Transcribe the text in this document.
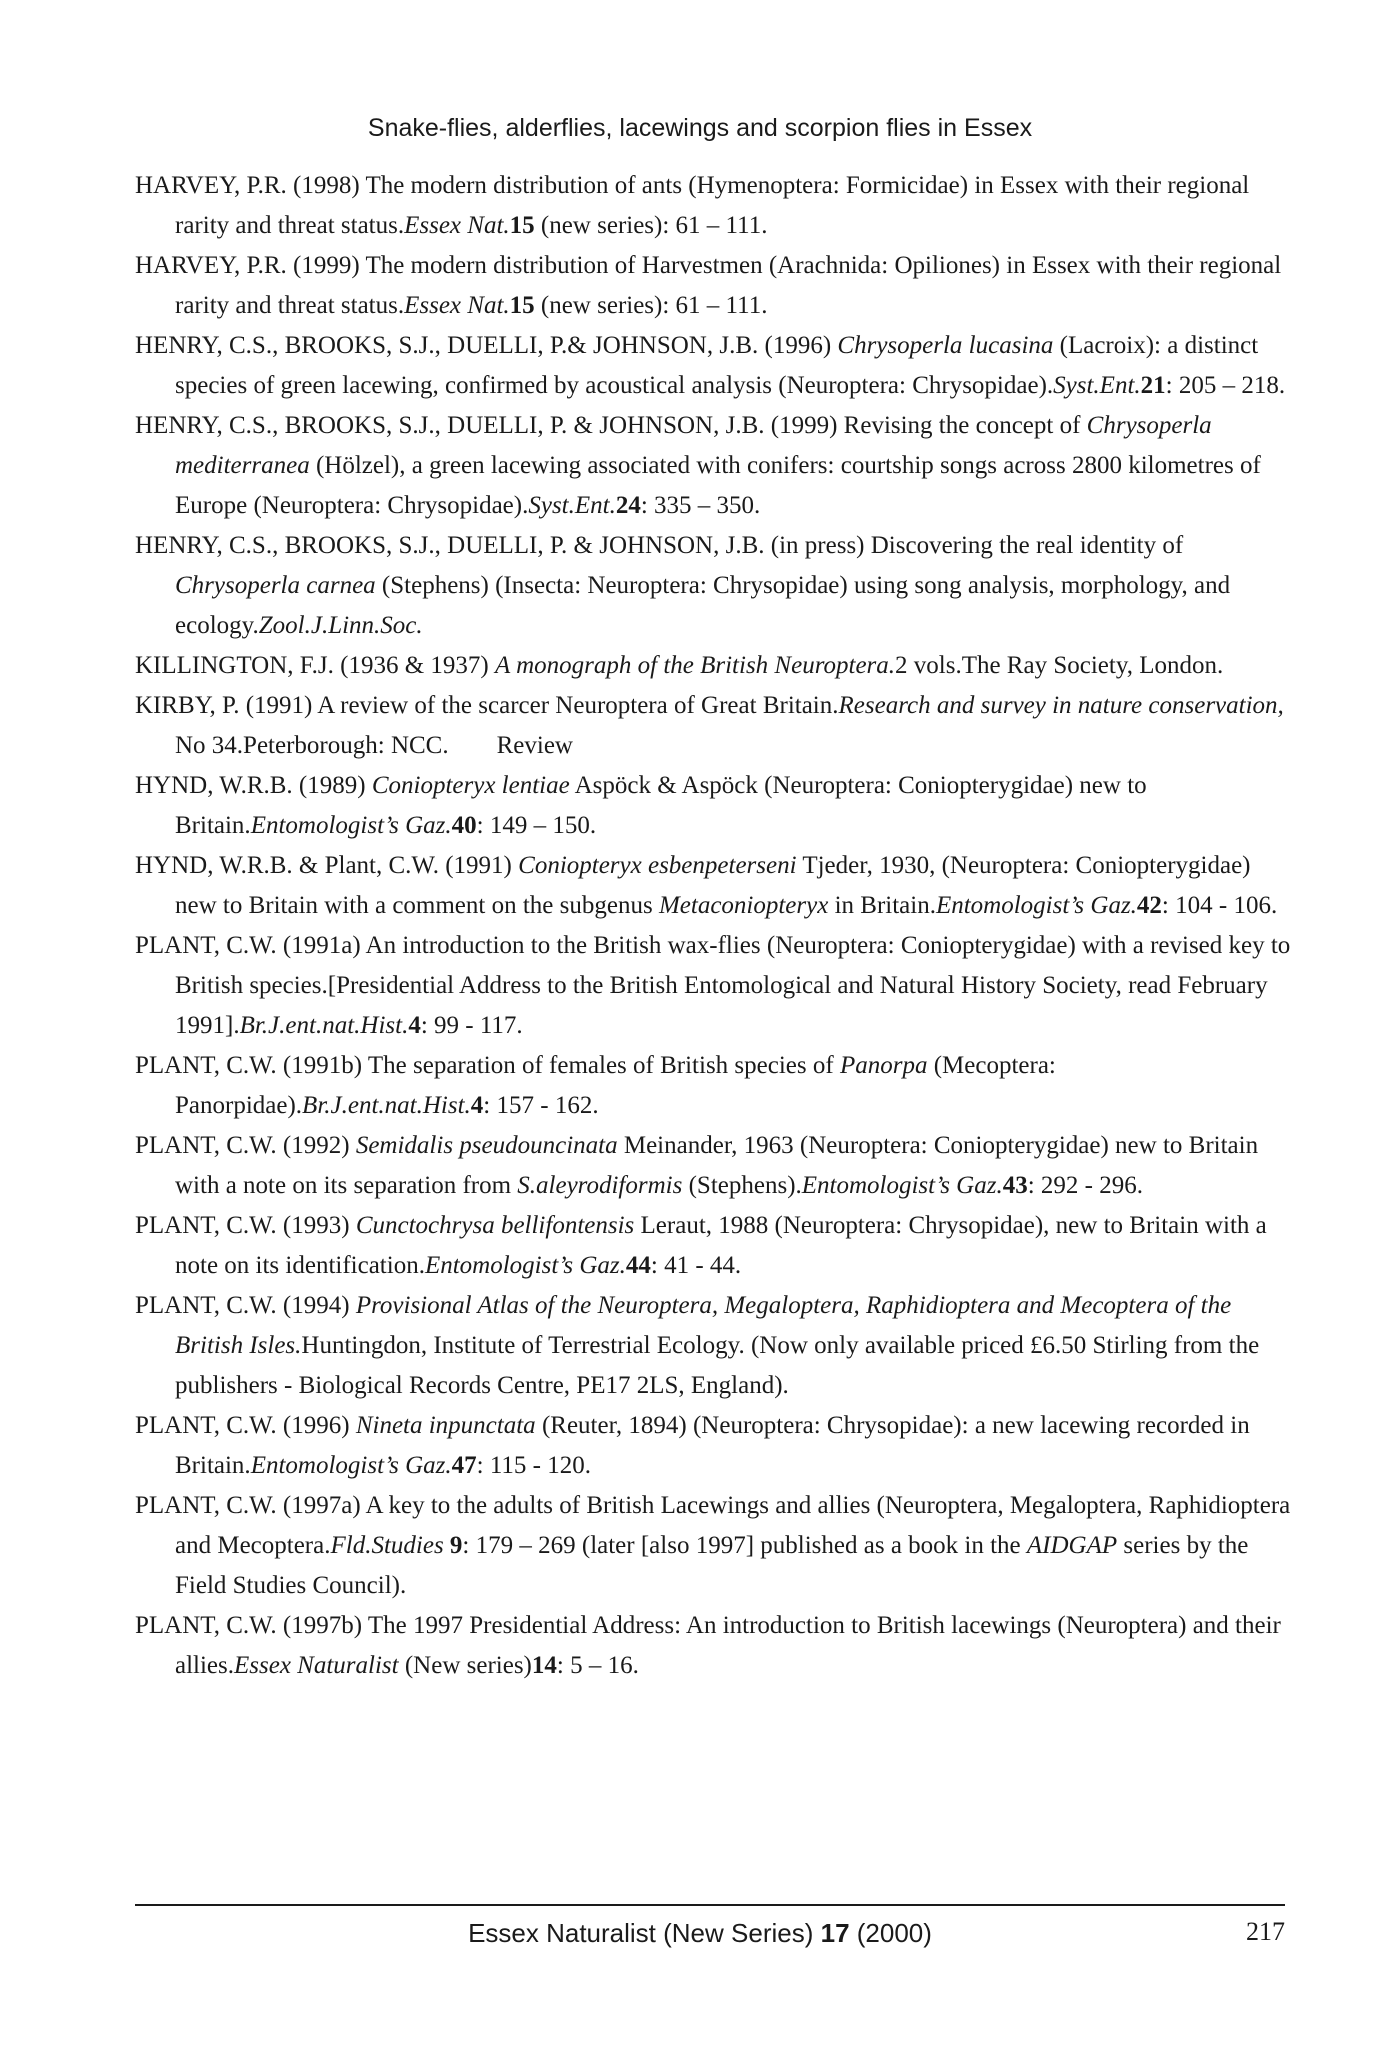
Snake-flies, alderflies, lacewings and scorpion flies in Essex

HARVEY, P.R. (1998) The modern distribution of ants (Hymenoptera: Formicidae) in Essex with their regional rarity and threat status.Essex Nat.15 (new series): 61 – 111.

HARVEY, P.R. (1999) The modern distribution of Harvestmen (Arachnida: Opiliones) in Essex with their regional rarity and threat status.Essex Nat.15 (new series): 61 – 111.

HENRY, C.S., BROOKS, S.J., DUELLI, P.& JOHNSON, J.B. (1996) Chrysoperla lucasina (Lacroix): a distinct species of green lacewing, confirmed by acoustical analysis (Neuroptera: Chrysopidae).Syst.Ent.21: 205 – 218.

HENRY, C.S., BROOKS, S.J., DUELLI, P. & JOHNSON, J.B. (1999) Revising the concept of Chrysoperla mediterranea (Hölzel), a green lacewing associated with conifers: courtship songs across 2800 kilometres of Europe (Neuroptera: Chrysopidae).Syst.Ent.24: 335 – 350.

HENRY, C.S., BROOKS, S.J., DUELLI, P. & JOHNSON, J.B. (in press) Discovering the real identity of Chrysoperla carnea (Stephens) (Insecta: Neuroptera: Chrysopidae) using song analysis, morphology, and ecology.Zool.J.Linn.Soc.

KILLINGTON, F.J. (1936 & 1937) A monograph of the British Neuroptera.2 vols.The Ray Society, London.

KIRBY, P. (1991) A review of the scarcer Neuroptera of Great Britain.Research and survey in nature conservation, No 34.Peterborough: NCC. Review

HYND, W.R.B. (1989) Coniopteryx lentiae Aspöck & Aspöck (Neuroptera: Coniopterygidae) new to Britain.Entomologist’s Gaz.40: 149 – 150.

HYND, W.R.B. & Plant, C.W. (1991) Coniopteryx esbenpeterseni Tjeder, 1930, (Neuroptera: Coniopterygidae) new to Britain with a comment on the subgenus Metaconiopteryx in Britain.Entomologist’s Gaz.42: 104 - 106.

PLANT, C.W. (1991a) An introduction to the British wax-flies (Neuroptera: Coniopterygidae) with a revised key to British species.[Presidential Address to the British Entomological and Natural History Society, read February 1991].Br.J.ent.nat.Hist.4: 99 - 117.

PLANT, C.W. (1991b) The separation of females of British species of Panorpa (Mecoptera: Panorpidae).Br.J.ent.nat.Hist.4: 157 - 162.

PLANT, C.W. (1992) Semidalis pseudouncinata Meinander, 1963 (Neuroptera: Coniopterygidae) new to Britain with a note on its separation from S.aleyrodiformis (Stephens).Entomologist’s Gaz.43: 292 - 296.

PLANT, C.W. (1993) Cunctochrysa bellifontensis Leraut, 1988 (Neuroptera: Chrysopidae), new to Britain with a note on its identification.Entomologist’s Gaz.44: 41 - 44.

PLANT, C.W. (1994) Provisional Atlas of the Neuroptera, Megaloptera, Raphidioptera and Mecoptera of the British Isles.Huntingdon, Institute of Terrestrial Ecology. (Now only available priced £6.50 Stirling from the publishers - Biological Records Centre, PE17 2LS, England).

PLANT, C.W. (1996) Nineta inpunctata (Reuter, 1894) (Neuroptera: Chrysopidae): a new lacewing recorded in Britain.Entomologist’s Gaz.47: 115 - 120.

PLANT, C.W. (1997a) A key to the adults of British Lacewings and allies (Neuroptera, Megaloptera, Raphidioptera and Mecoptera.Fld.Studies 9: 179 – 269 (later [also 1997] published as a book in the AIDGAP series by the Field Studies Council).

PLANT, C.W. (1997b) The 1997 Presidential Address: An introduction to British lacewings (Neuroptera) and their allies.Essex Naturalist (New series)14: 5 – 16.

Essex Naturalist (New Series) 17 (2000)	217
